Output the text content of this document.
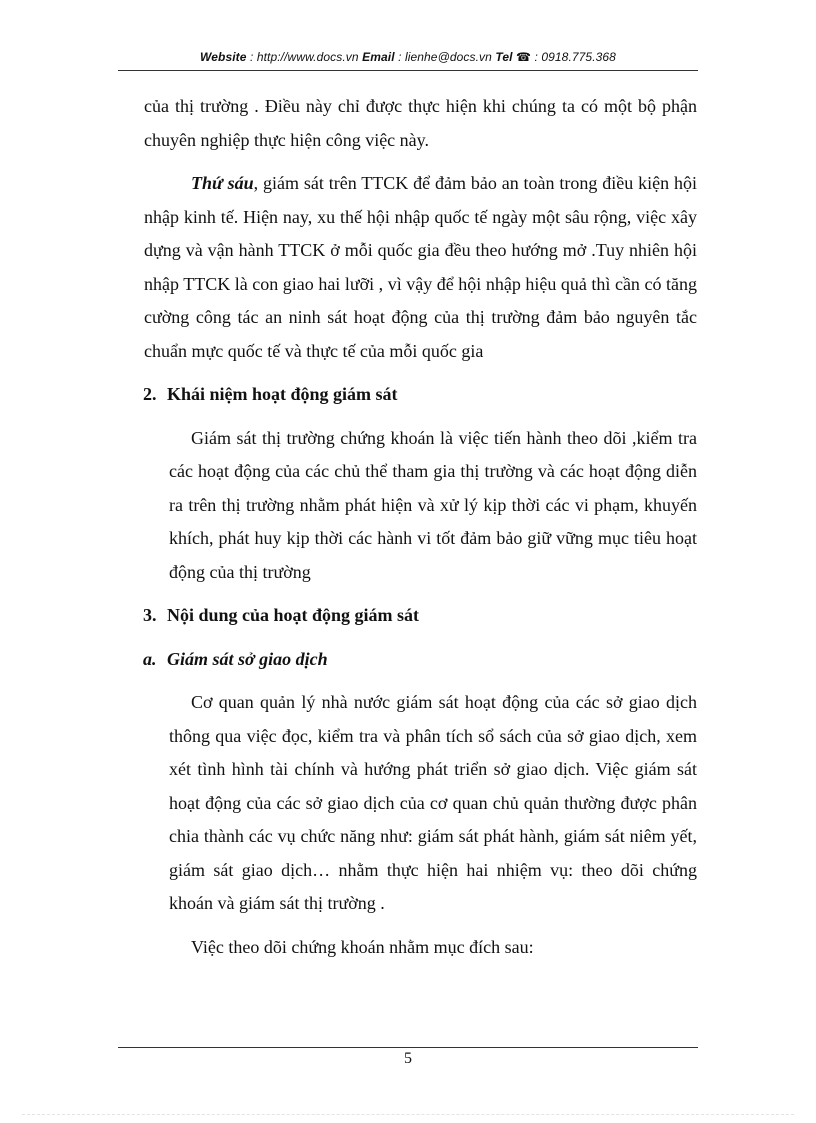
Website : http://www.docs.vn Email : lienhe@docs.vn Tel ☎ : 0918.775.368

của thị trường . Điều này chỉ được thực hiện khi chúng ta có một bộ phận chuyên nghiệp thực hiện công việc này.

Thứ sáu, giám sát trên TTCK để đảm bảo an toàn trong điều kiện hội nhập kinh tế. Hiện nay, xu thế hội nhập quốc tế ngày một sâu rộng, việc xây dựng và vận hành TTCK ở mỗi quốc gia đều theo hướng mở .Tuy nhiên hội nhập TTCK là con giao hai lưỡi , vì vậy để hội nhập hiệu quả thì cần có tăng cường công tác an ninh sát hoạt động của thị trường đảm bảo nguyên tắc chuẩn mực quốc tế và thực tế của mỗi quốc gia

2. Khái niệm hoạt động giám sát

Giám sát thị trường chứng khoán là việc tiến hành theo dõi ,kiểm tra các hoạt động của các chủ thể tham gia thị trường và các hoạt động diễn ra trên thị trường nhằm phát hiện và xử lý kịp thời các vi phạm, khuyến khích, phát huy kịp thời các hành vi tốt đảm bảo giữ vững mục tiêu hoạt động của thị trường

3. Nội dung của hoạt động giám sát

a. Giám sát sở giao dịch

Cơ quan quản lý nhà nước giám sát hoạt động của các sở giao dịch thông qua việc đọc, kiểm tra và phân tích sổ sách của sở giao dịch, xem xét tình hình tài chính và hướng phát triển sở giao dịch. Việc giám sát hoạt động của các sở giao dịch của cơ quan chủ quản thường được phân chia thành các vụ chức năng như: giám sát phát hành, giám sát niêm yết, giám sát giao dịch… nhằm thực hiện hai nhiệm vụ: theo dõi chứng khoán và giám sát thị trường .

Việc theo dõi chứng khoán nhằm mục đích sau:

5
